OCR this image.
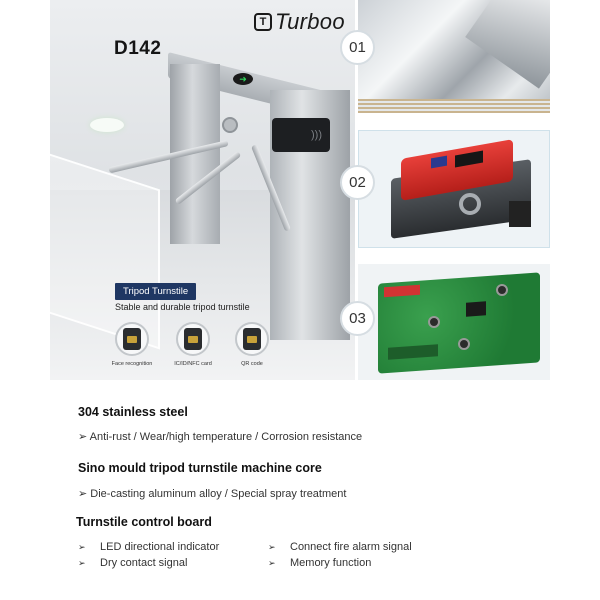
D142
)))
➜
Tripod Turnstile
Stable and durable tripod turnstile
Face recognition	IC/ID/NFC card	QR code
T Turboo
01
02
03
304 stainless steel
➢ Anti-rust / Wear/high temperature / Corrosion resistance
Sino mould tripod turnstile machine core
➢ Die-casting aluminum alloy / Special spray treatment
Turnstile control board
➢ LED directional indicator
➢ Dry contact signal
➢ Connect fire alarm signal
➢ Memory function
